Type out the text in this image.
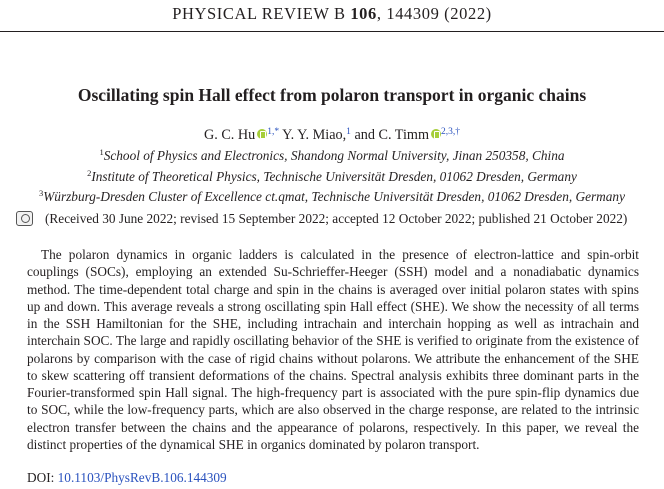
PHYSICAL REVIEW B 106, 144309 (2022)
Oscillating spin Hall effect from polaron transport in organic chains
G. C. Hu $^{1,*}$ Y. Y. Miao,$^1$ and C. Timm $^{2,3,\dagger}$
$^1$School of Physics and Electronics, Shandong Normal University, Jinan 250358, China
$^2$Institute of Theoretical Physics, Technische Universität Dresden, 01062 Dresden, Germany
$^3$Würzburg-Dresden Cluster of Excellence ct.qmat, Technische Universität Dresden, 01062 Dresden, Germany
(Received 30 June 2022; revised 15 September 2022; accepted 12 October 2022; published 21 October 2022)

The polaron dynamics in organic ladders is calculated in the presence of electron-lattice and spin-orbit couplings (SOCs), employing an extended Su-Schrieffer-Heeger (SSH) model and a nonadiabatic dynamics method. The time-dependent total charge and spin in the chains is averaged over initial polaron states with spins up and down. This average reveals a strong oscillating spin Hall effect (SHE). We show the necessity of all terms in the SSH Hamiltonian for the SHE, including intrachain and interchain hopping as well as intrachain and interchain SOC. The large and rapidly oscillating behavior of the SHE is verified to originate from the existence of polarons by comparison with the case of rigid chains without polarons. We attribute the enhancement of the SHE to skew scattering off transient deformations of the chains. Spectral analysis exhibits three dominant parts in the Fourier-transformed spin Hall signal. The high-frequency part is associated with the pure spin-flip dynamics due to SOC, while the low-frequency parts, which are also observed in the charge response, are related to the intrinsic electron transfer between the chains and the appearance of polarons, respectively. In this paper, we reveal the distinct properties of the dynamical SHE in organics dominated by polaron transport.

DOI: 10.1103/PhysRevB.106.144309
